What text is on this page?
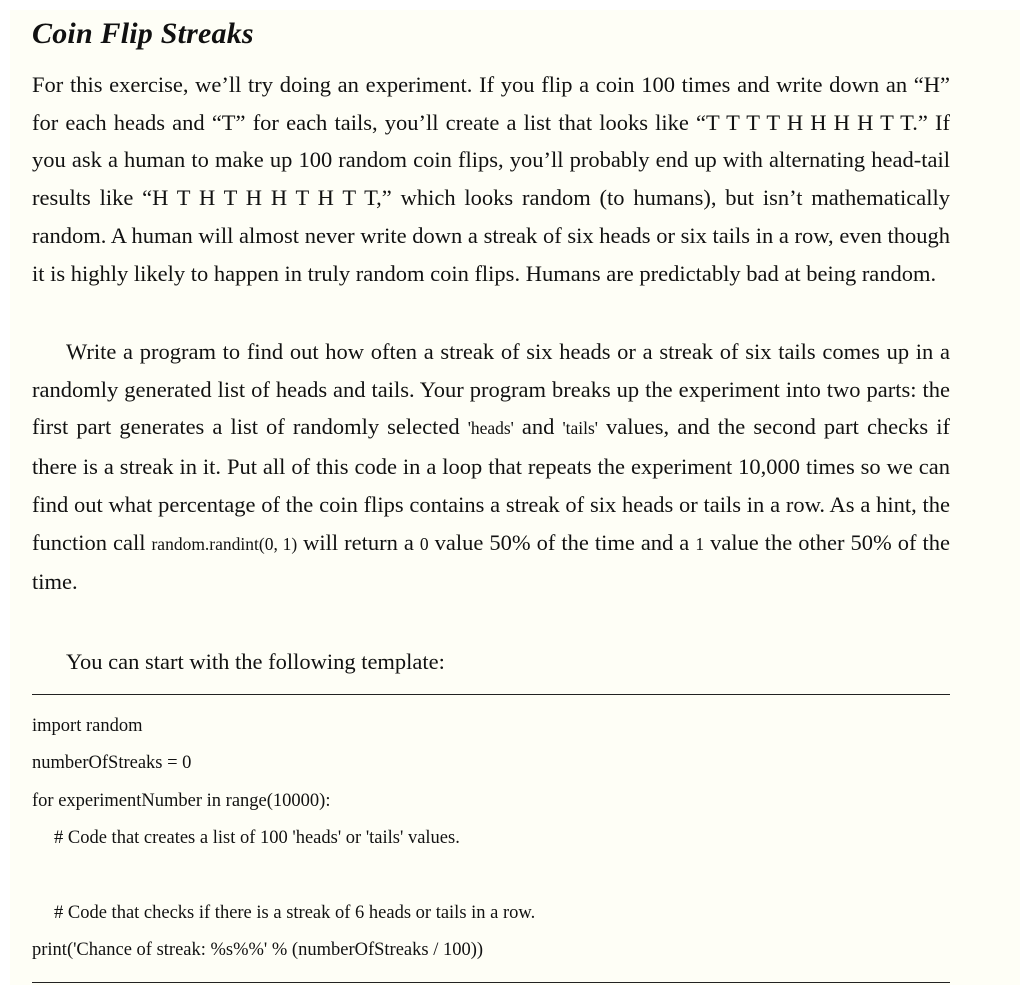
Coin Flip Streaks

For this exercise, we’ll try doing an experiment. If you flip a coin 100 times and write down an “H” for each heads and “T” for each tails, you’ll create a list that looks like “T T T T H H H H T T.” If you ask a human to make up 100 random coin flips, you’ll probably end up with alternating head-tail results like “H T H T H H T H T T,” which looks random (to humans), but isn’t mathematically random. A human will almost never write down a streak of six heads or six tails in a row, even though it is highly likely to happen in truly random coin flips. Humans are predictably bad at being random.

Write a program to find out how often a streak of six heads or a streak of six tails comes up in a randomly generated list of heads and tails. Your program breaks up the experiment into two parts: the first part generates a list of randomly selected 'heads' and 'tails' values, and the second part checks if there is a streak in it. Put all of this code in a loop that repeats the experiment 10,000 times so we can find out what percentage of the coin flips contains a streak of six heads or tails in a row. As a hint, the function call random.randint(0, 1) will return a 0 value 50% of the time and a 1 value the other 50% of the time.

You can start with the following template:

import random
numberOfStreaks = 0
for experimentNumber in range(10000):
# Code that creates a list of 100 'heads' or 'tails' values.
# Code that checks if there is a streak of 6 heads or tails in a row.
print('Chance of streak: %s%%' % (numberOfStreaks / 100))
